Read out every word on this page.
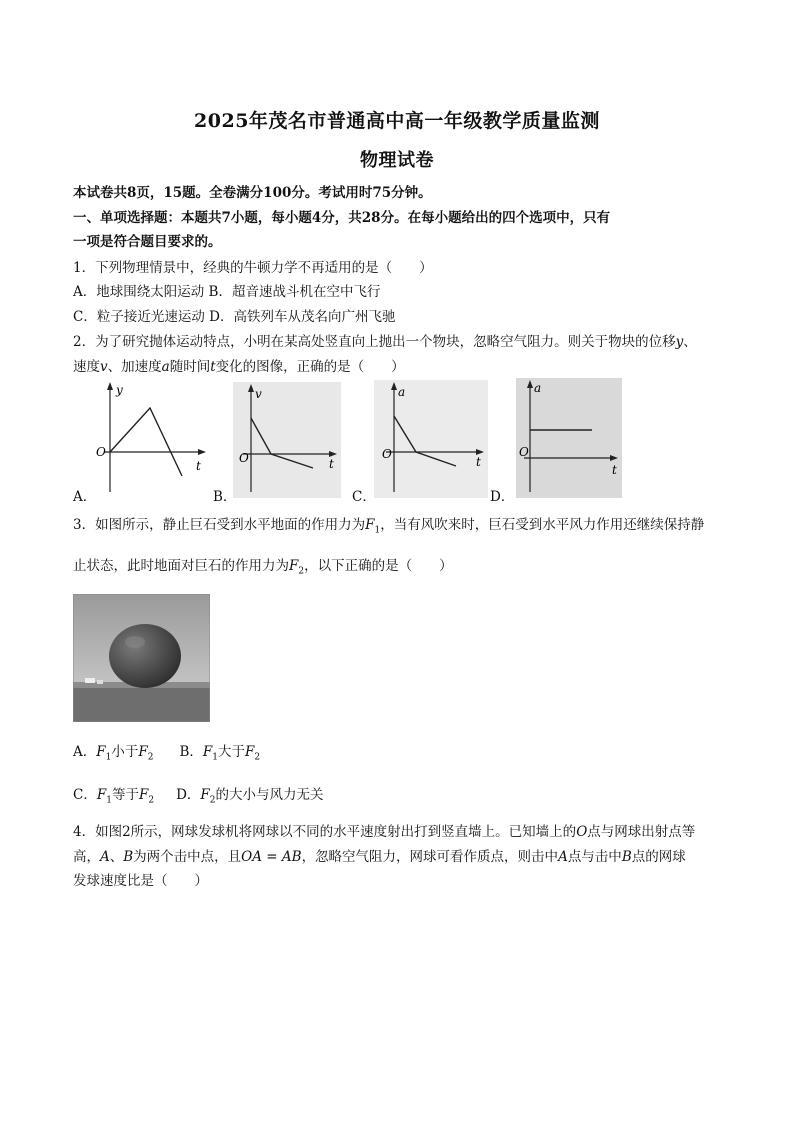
2025年茂名市普通高中高一年级教学质量监测
物理试卷
本试卷共8页，15题。全卷满分100分。考试用时75分钟。
一、单项选择题：本题共7小题，每小题4分，共28分。在每小题给出的四个选项中，只有
一项是符合题目要求的。
1．下列物理情景中，经典的牛顿力学不再适用的是（　　）
A．地球围绕太阳运动 B．超音速战斗机在空中飞行
C．粒子接近光速运动 D．高铁列车从茂名向广州飞驰
2．为了研究抛体运动特点，小明在某高处竖直向上抛出一个物块，忽略空气阻力。则关于物块的位移y、
速度v、加速度a随时间t变化的图像，正确的是（　　）
y
t
O
A．
v
t
O
B．
a
t
O
C．
a
t
O
D．
3．如图所示，静止巨石受到水平地面的作用力为$F_1$，当有风吹来时，巨石受到水平风力作用还继续保持静
止状态，此时地面对巨石的作用力为$F_2$，以下正确的是（　　）
A．$F_1$小于$F_2$ B．$F_1$大于$F_2$
C．$F_1$等于$F_2$ D．$F_2$的大小与风力无关
4．如图2所示，网球发球机将网球以不同的水平速度射出打到竖直墙上。已知墙上的O点与网球出射点等
高，A、B为两个击中点，且OA = AB，忽略空气阻力，网球可看作质点，则击中A点与击中B点的网球
发球速度比是（　　）
